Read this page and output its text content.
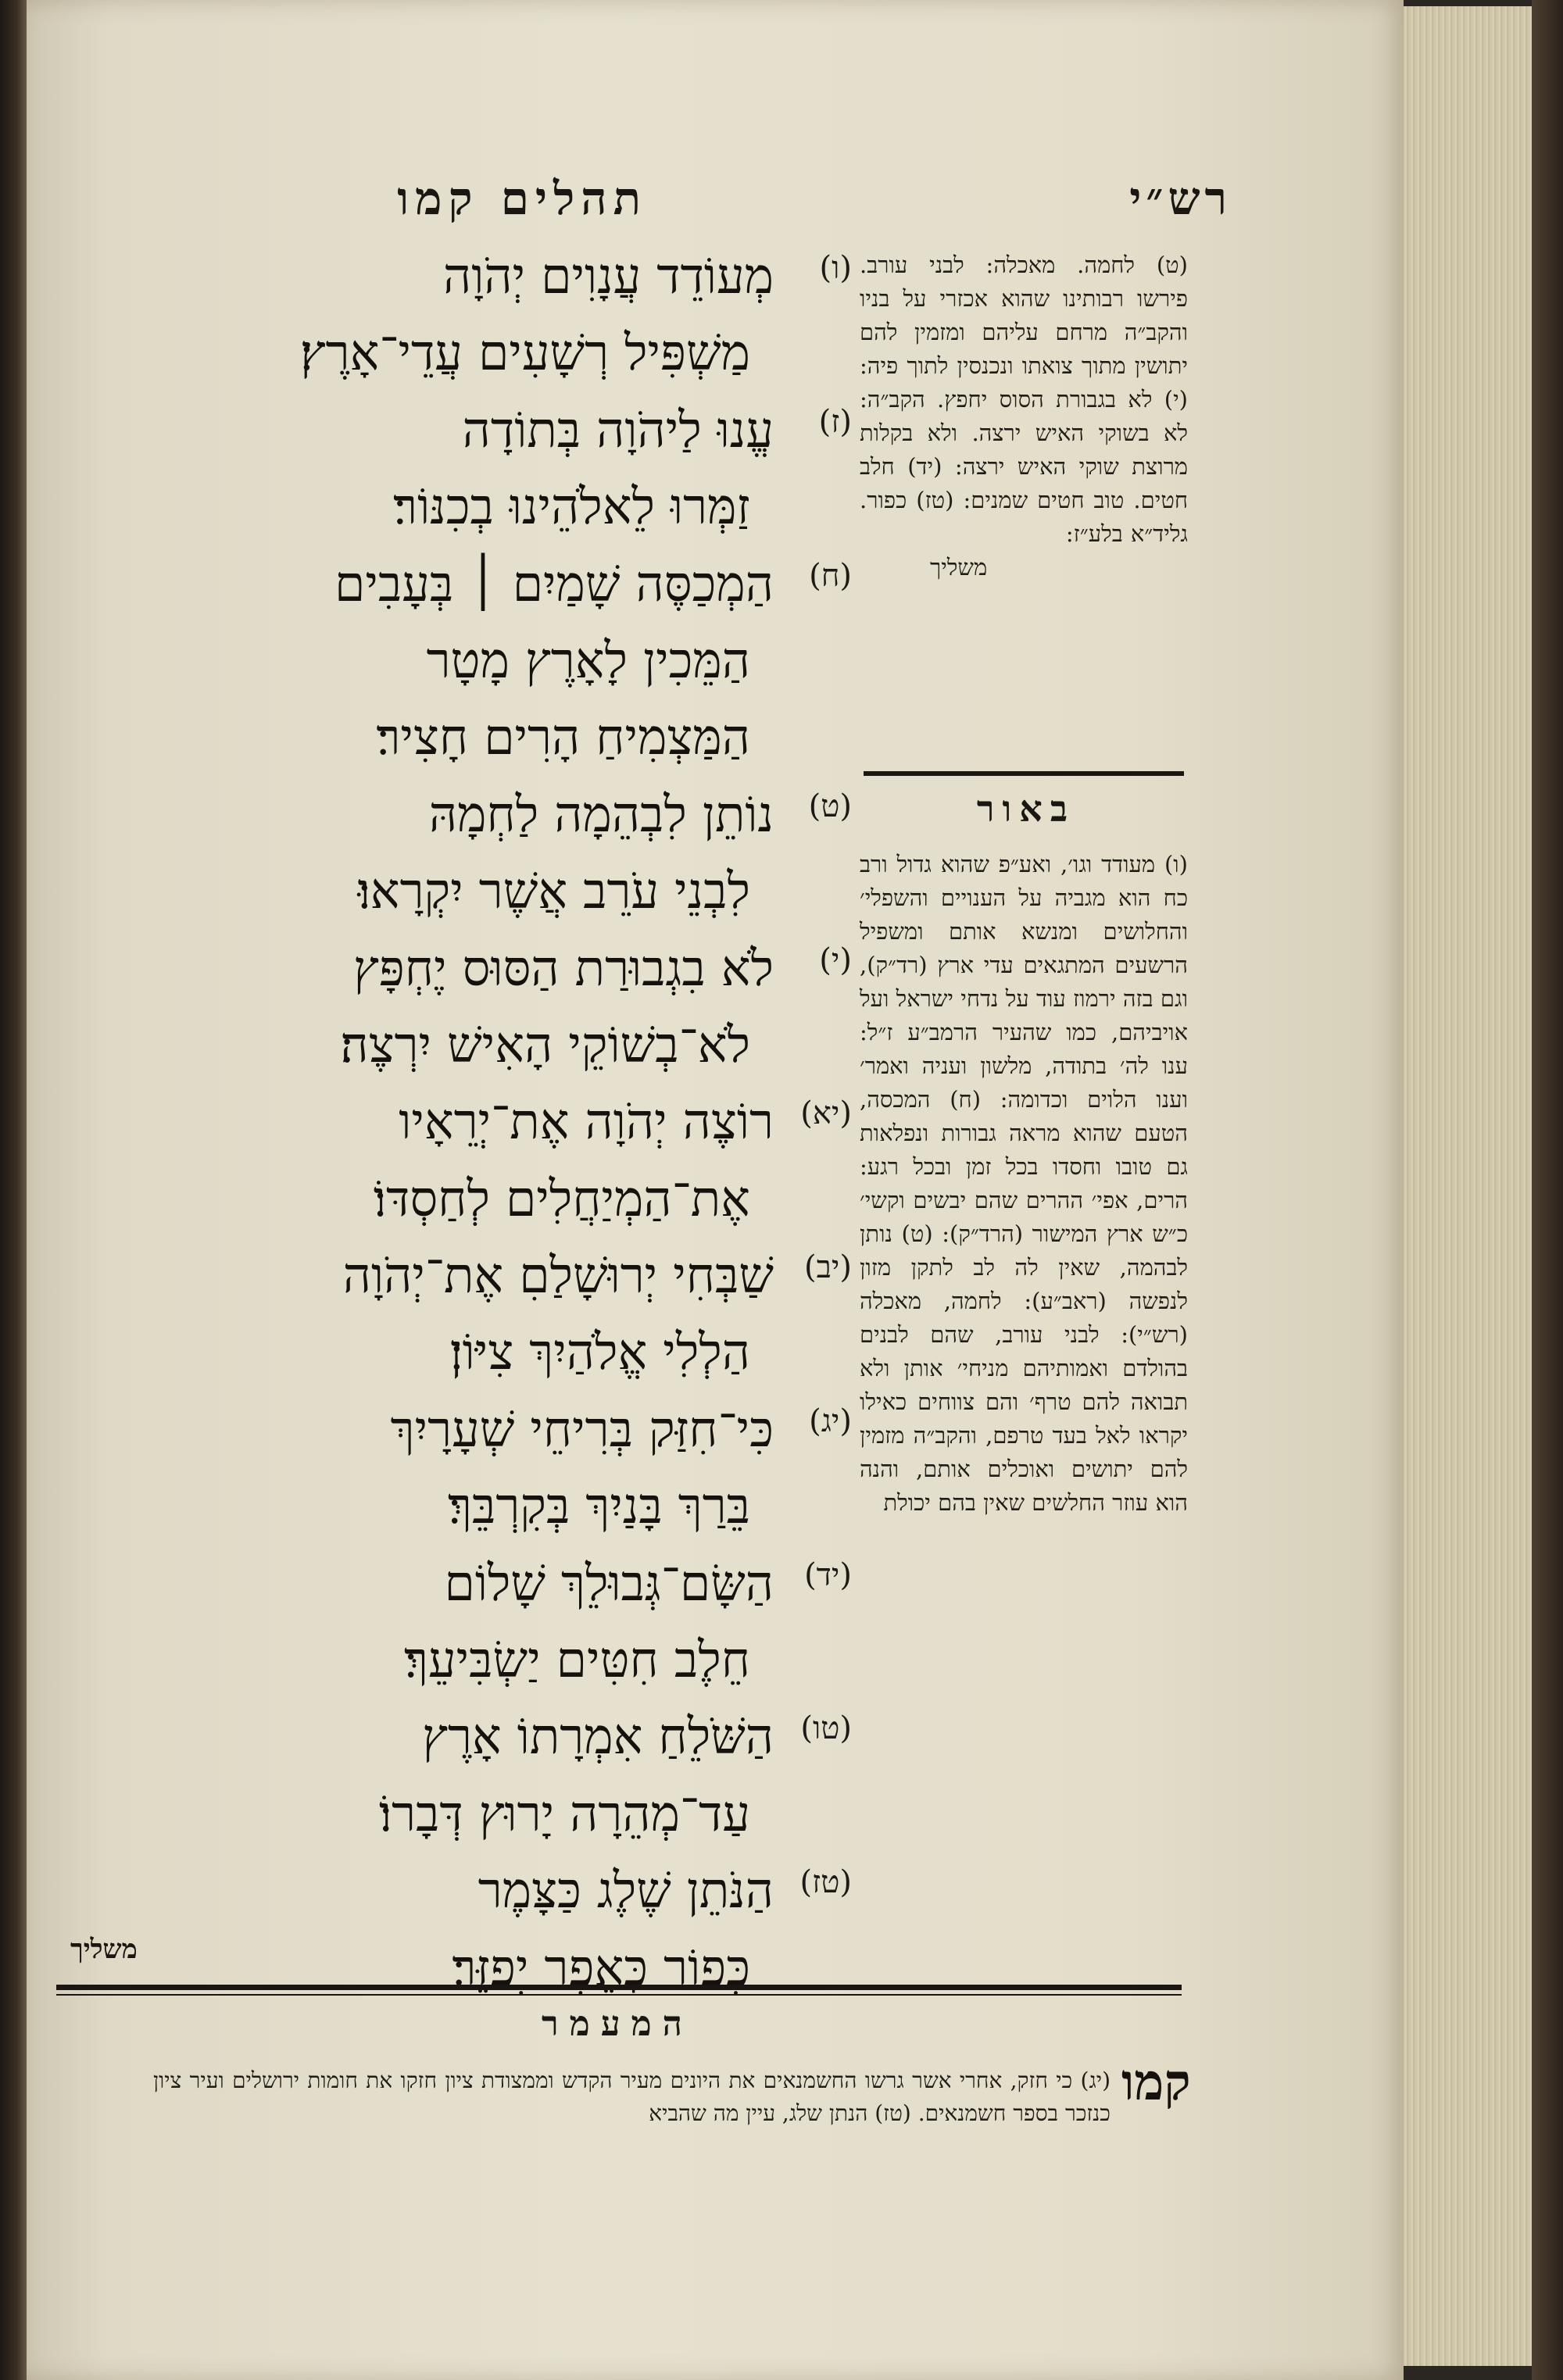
תהלים קמו	רש״י
(ו)
מְעוֹדֵד עֲנָוִים יְהֹוָה
מַשְׁפִּיל רְשָׁעִים עֲדֵי־אָרֶץ׃
(ז)
עֱנוּ לַיהֹוָה בְּתוֹדָה
זַמְּרוּ לֵאלֹהֵינוּ בְכִנּוֹר׃
(ח)
הַמְכַסֶּה שָׁמַיִם ׀ בְּעָבִים
הַמֵּכִין לָאָרֶץ מָטָר
הַמַּצְמִיחַ הָרִים חָצִיר׃
(ט)
נוֹתֵן לִבְהֵמָה לַחְמָהּ
לִבְנֵי עֹרֵב אֲשֶׁר יִקְרָאוּ׃
(י)
לֹא בִגְבוּרַת הַסּוּס יֶחְפָּץ
לֹא־בְשׁוֹקֵי הָאִישׁ יִרְצֶה׃
(יא)
רוֹצֶה יְהֹוָה אֶת־יְרֵאָיו
אֶת־הַמְיַחֲלִים לְחַסְדּוֹ׃
(יב)
שַׁבְּחִי יְרוּשָׁלַםִ אֶת־יְהֹוָה
הַלְלִי אֱלֹהַיִךְ צִיּוֹן׃
(יג)
כִּי־חִזַּק בְּרִיחֵי שְׁעָרָיִךְ
בֵּרַךְ בָּנַיִךְ בְּקִרְבֵּךְ׃
(יד)
הַשָּׂם־גְּבוּלֵךְ שָׁלוֹם
חֵלֶב חִטִּים יַשְׂבִּיעֵךְ׃
(טו)
הַשֹּׁלֵחַ אִמְרָתוֹ אָרֶץ
עַד־מְהֵרָה יָרוּץ דְּבָרוֹ׃
(טז)
הַנֹּתֵן שֶׁלֶג כַּצָּמֶר
כְּפוֹר כָּאֵפֶר יְפַזֵּר׃
משליך
(ט) לחמה. מאכלה: לבני עורב. פירשו רבותינו שהוא אכזרי על בניו והקב״ה מרחם עליהם ומזמין להם יתושין מתוך צואתו ונכנסין לתוך פיה: (י) לא בגבורת הסוס יחפץ. הקב״ה: לא בשוקי האיש ירצה. ולא בקלות מרוצת שוקי האיש ירצה: (יד) חלב חטים. טוב חטים שמנים: (טז) כפור. גליד״א בלע״ז:
משליך
באור
(ו) מעודד וגו׳, ואע״פ שהוא גדול ורב כח הוא מגביה על הענויים והשפלי׳ והחלושים ומנשא אותם ומשפיל הרשעים המתגאים עדי ארץ (רד״ק), וגם בזה ירמוז עוד על נדחי ישראל ועל אויביהם, כמו שהעיר הרמב״ע ז״ל: ענו לה׳ בתודה, מלשון ועניה ואמר׳ וענו הלוים וכדומה: (ח) המכסה, הטעם שהוא מראה גבורות ונפלאות גם טובו וחסדו בכל זמן ובכל רגע: הרים, אפי׳ ההרים שהם יבשים וקשי׳ כ״ש ארץ המישור (הרד״ק): (ט) נותן לבהמה, שאין לה לב לתקן מזון לנפשה (ראב״ע): לחמה, מאכלה (רש״י): לבני עורב, שהם לבנים בהולדם ואמותיהם מניחי׳ אותן ולא תבואה להם טרף׳ והם צווחים כאילו יקראו לאל בעד טרפם, והקב״ה מזמין להם יתושים ואוכלים אותם, והנה הוא עוזר החלשים שאין בהם יכולת
המעמר
קמו
(יג) כי חזק, אחרי אשר גרשו החשמנאים את היונים מעיר הקדש וממצודת ציון חזקו את חומות ירושלים ועיר ציון כנזכר בספר חשמנאים. (טז) הנתן שלג, עיין מה שהביא
